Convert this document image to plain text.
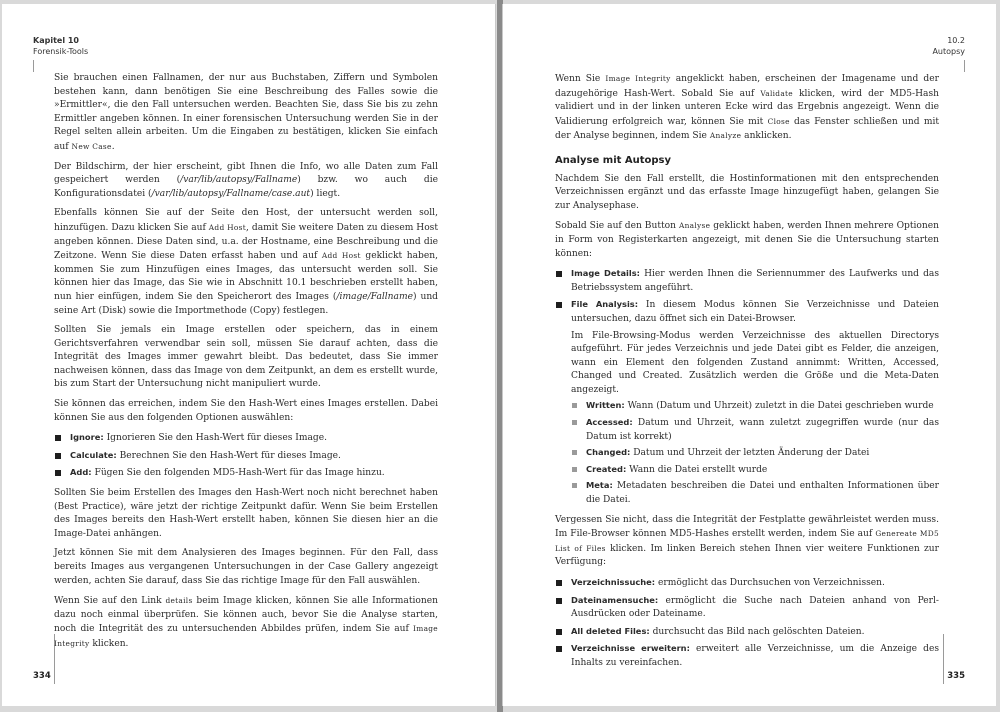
Kapitel 10
Forensik-Tools

Sie brauchen einen Fallnamen, der nur aus Buchstaben, Ziffern und Symbolen bestehen kann, dann benötigen Sie eine Beschreibung des Falles sowie die »Ermittler«, die den Fall untersuchen werden. Beachten Sie, dass Sie bis zu zehn Ermittler angeben können. In einer forensischen Untersuchung werden Sie in der Regel selten allein arbeiten. Um die Eingaben zu bestätigen, klicken Sie einfach auf New Case.

Der Bildschirm, der hier erscheint, gibt Ihnen die Info, wo alle Daten zum Fall gespeichert werden (/var/lib/autopsy/Fallname) bzw. wo auch die Konfigurationsdatei (/var/lib/autopsy/Fallname/case.aut) liegt.

Ebenfalls können Sie auf der Seite den Host, der untersucht werden soll, hinzufügen. Dazu klicken Sie auf Add Host, damit Sie weitere Daten zu diesem Host angeben können. Diese Daten sind, u.a. der Hostname, eine Beschreibung und die Zeitzone. Wenn Sie diese Daten erfasst haben und auf Add Host geklickt haben, kommen Sie zum Hinzufügen eines Images, das untersucht werden soll. Sie können hier das Image, das Sie wie in Abschnitt 10.1 beschrieben erstellt haben, nun hier einfügen, indem Sie den Speicherort des Images (/image/Fallname) und seine Art (Disk) sowie die Importmethode (Copy) festlegen.

Sollten Sie jemals ein Image erstellen oder speichern, das in einem Gerichtsverfahren verwendbar sein soll, müssen Sie darauf achten, dass die Integrität des Images immer gewahrt bleibt. Das bedeutet, dass Sie immer nachweisen können, dass das Image von dem Zeitpunkt, an dem es erstellt wurde, bis zum Start der Untersuchung nicht manipuliert wurde.

Sie können das erreichen, indem Sie den Hash-Wert eines Images erstellen. Dabei können Sie aus den folgenden Optionen auswählen:

Ignore: Ignorieren Sie den Hash-Wert für dieses Image.
Calculate: Berechnen Sie den Hash-Wert für dieses Image.
Add: Fügen Sie den folgenden MD5-Hash-Wert für das Image hinzu.

Sollten Sie beim Erstellen des Images den Hash-Wert noch nicht berechnet haben (Best Practice), wäre jetzt der richtige Zeitpunkt dafür. Wenn Sie beim Erstellen des Images bereits den Hash-Wert erstellt haben, können Sie diesen hier an die Image-Datei anhängen.

Jetzt können Sie mit dem Analysieren des Images beginnen. Für den Fall, dass bereits Images aus vergangenen Untersuchungen in der Case Gallery angezeigt werden, achten Sie darauf, dass Sie das richtige Image für den Fall auswählen.

Wenn Sie auf den Link details beim Image klicken, können Sie alle Informationen dazu noch einmal überprüfen. Sie können auch, bevor Sie die Analyse starten, noch die Integrität des zu untersuchenden Abbildes prüfen, indem Sie auf Image Integrity klicken.

334
10.2
Autopsy

Wenn Sie Image Integrity angeklickt haben, erscheinen der Imagename und der dazugehörige Hash-Wert. Sobald Sie auf Validate klicken, wird der MD5-Hash validiert und in der linken unteren Ecke wird das Ergebnis angezeigt. Wenn die Validierung erfolgreich war, können Sie mit Close das Fenster schließen und mit der Analyse beginnen, indem Sie Analyze anklicken.

Analyse mit Autopsy

Nachdem Sie den Fall erstellt, die Hostinformationen mit den entsprechenden Verzeichnissen ergänzt und das erfasste Image hinzugefügt haben, gelangen Sie zur Analysephase.

Sobald Sie auf den Button Analyse geklickt haben, werden Ihnen mehrere Optionen in Form von Registerkarten angezeigt, mit denen Sie die Untersuchung starten können:

Image Details: Hier werden Ihnen die Seriennummer des Laufwerks und das Betriebssystem angeführt.
File Analysis: In diesem Modus können Sie Verzeichnisse und Dateien untersuchen, dazu öffnet sich ein Datei-Browser.
Im File-Browsing-Modus werden Verzeichnisse des aktuellen Directorys aufgeführt. Für jedes Verzeichnis und jede Datei gibt es Felder, die anzeigen, wann ein Element den folgenden Zustand annimmt: Written, Accessed, Changed und Created. Zusätzlich werden die Größe und die Meta-Daten angezeigt.
Written: Wann (Datum und Uhrzeit) zuletzt in die Datei geschrieben wurde
Accessed: Datum und Uhrzeit, wann zuletzt zugegriffen wurde (nur das Datum ist korrekt)
Changed: Datum und Uhrzeit der letzten Änderung der Datei
Created: Wann die Datei erstellt wurde
Meta: Metadaten beschreiben die Datei und enthalten Informationen über die Datei.

Vergessen Sie nicht, dass die Integrität der Festplatte gewährleistet werden muss. Im File-Browser können MD5-Hashes erstellt werden, indem Sie auf Genereate MD5 List of Files klicken. Im linken Bereich stehen Ihnen vier weitere Funktionen zur Verfügung:

Verzeichnissuche: ermöglicht das Durchsuchen von Verzeichnissen.
Dateinamensuche: ermöglicht die Suche nach Dateien anhand von Perl-Ausdrücken oder Dateiname.
All deleted Files: durchsucht das Bild nach gelöschten Dateien.
Verzeichnisse erweitern: erweitert alle Verzeichnisse, um die Anzeige des Inhalts zu vereinfachen.
335
